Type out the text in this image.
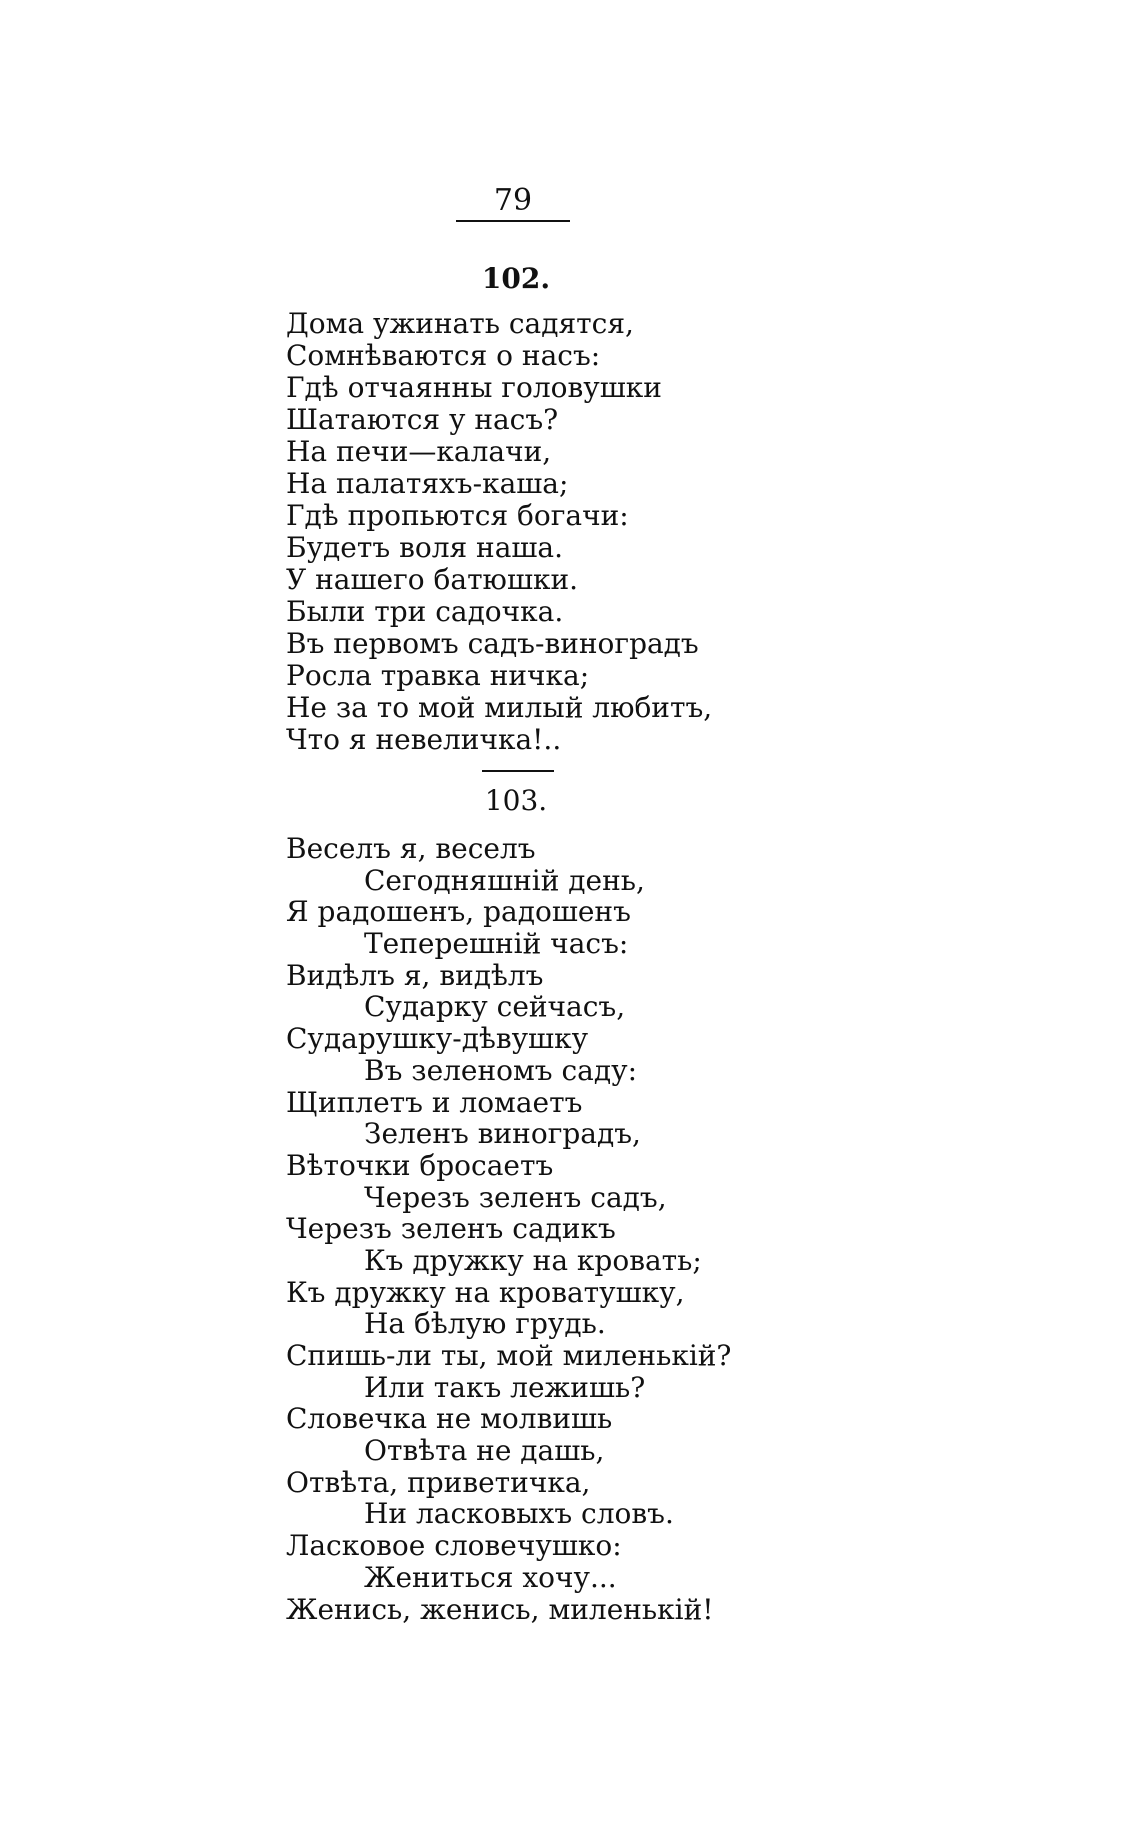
79
102.
Дома ужинать садятся,
Сомнѣваются о насъ:
Гдѣ отчаянны головушки
Шатаются у насъ?
На печи—калачи,
На палатяхъ-каша;
Гдѣ пропьются богачи:
Будетъ воля наша.
У нашего батюшки.
Были три садочка.
Въ первомъ садъ-виноградъ
Росла травка ничка;
Не за то мой милый любитъ,
Что я невеличка!..
103.
Веселъ я, веселъ
Сегодняшній день,
Я радошенъ, радошенъ
Теперешній часъ:
Видѣлъ я, видѣлъ
Сударку сейчасъ,
Сударушку-дѣвушку
Въ зеленомъ саду:
Щиплетъ и ломаетъ
Зеленъ виноградъ,
Вѣточки бросаетъ
Черезъ зеленъ садъ,
Черезъ зеленъ садикъ
Къ дружку на кровать;
Къ дружку на кроватушку,
На бѣлую грудь.
Спишь-ли ты, мой миленькій?
Или такъ лежишь?
Словечка не молвишь
Отвѣта не дашь,
Отвѣта, приветичка,
Ни ласковыхъ словъ.
Ласковое словечушко:
Жениться хочу...
Женись, женись, миленькій!
